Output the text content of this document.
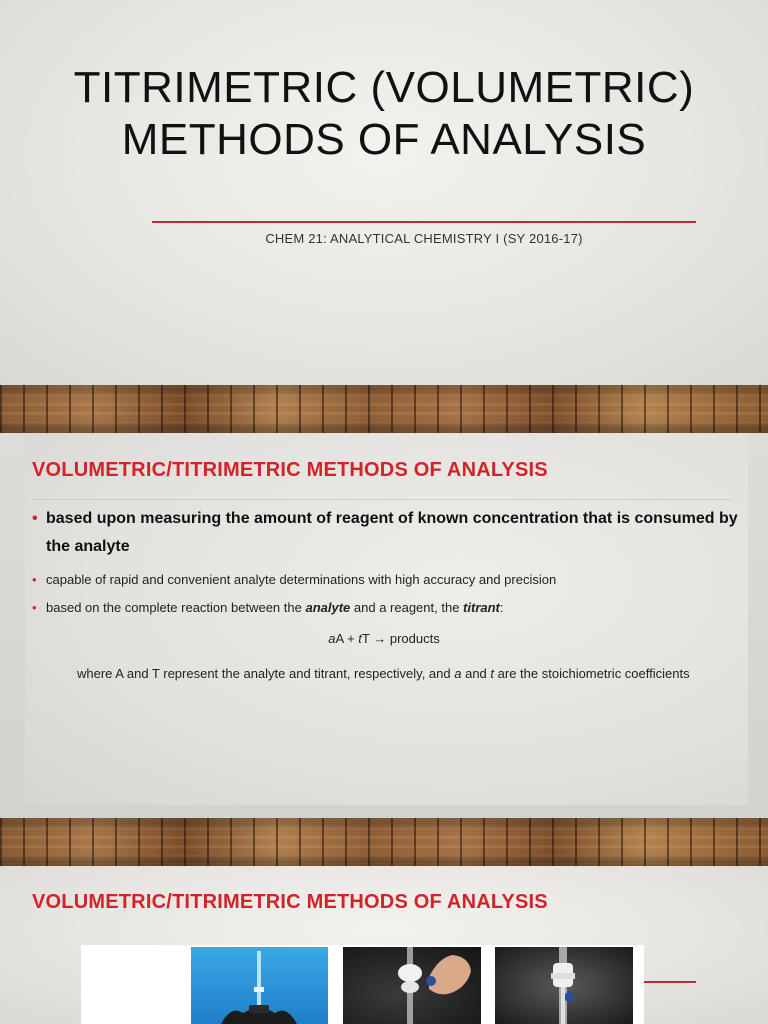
TITRIMETRIC (VOLUMETRIC)
METHODS OF ANALYSIS
CHEM 21: ANALYTICAL CHEMISTRY I (SY 2016-17)
VOLUMETRIC/TITRIMETRIC METHODS OF ANALYSIS
• based upon measuring the amount of reagent of known concentration that is consumed by the analyte
• capable of rapid and convenient analyte determinations with high accuracy and precision
• based on the complete reaction between the analyte and a reagent, the titrant:
aA + tT → products
where A and T represent the analyte and titrant, respectively, and a and t are the stoichiometric coefficients
VOLUMETRIC/TITRIMETRIC METHODS OF ANALYSIS
